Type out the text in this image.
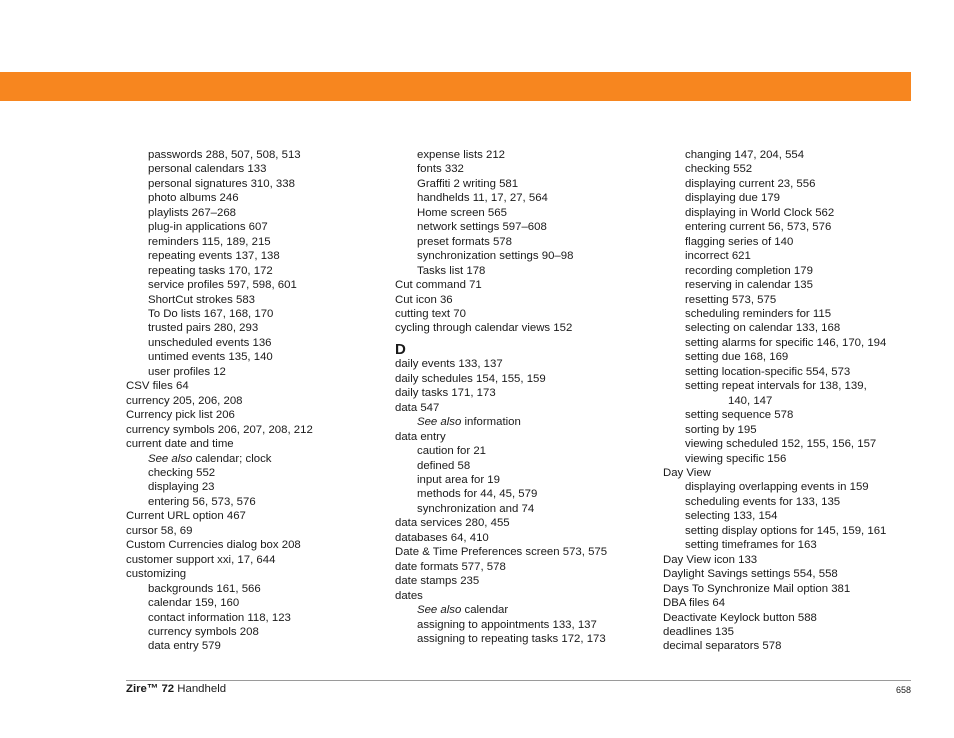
passwords 288, 507, 508, 513
personal calendars 133
personal signatures 310, 338
photo albums 246
playlists 267–268
plug-in applications 607
reminders 115, 189, 215
repeating events 137, 138
repeating tasks 170, 172
service profiles 597, 598, 601
ShortCut strokes 583
To Do lists 167, 168, 170
trusted pairs 280, 293
unscheduled events 136
untimed events 135, 140
user profiles 12
CSV files 64
currency 205, 206, 208
Currency pick list 206
currency symbols 206, 207, 208, 212
current date and time
See also calendar; clock
checking 552
displaying 23
entering 56, 573, 576
Current URL option 467
cursor 58, 69
Custom Currencies dialog box 208
customer support xxi, 17, 644
customizing
backgrounds 161, 566
calendar 159, 160
contact information 118, 123
currency symbols 208
data entry 579
expense lists 212
fonts 332
Graffiti 2 writing 581
handhelds 11, 17, 27, 564
Home screen 565
network settings 597–608
preset formats 578
synchronization settings 90–98
Tasks list 178
Cut command 71
Cut icon 36
cutting text 70
cycling through calendar views 152
D
daily events 133, 137
daily schedules 154, 155, 159
daily tasks 171, 173
data 547
See also information
data entry
caution for 21
defined 58
input area for 19
methods for 44, 45, 579
synchronization and 74
data services 280, 455
databases 64, 410
Date & Time Preferences screen 573, 575
date formats 577, 578
date stamps 235
dates
See also calendar
assigning to appointments 133, 137
assigning to repeating tasks 172, 173
changing 147, 204, 554
checking 552
displaying current 23, 556
displaying due 179
displaying in World Clock 562
entering current 56, 573, 576
flagging series of 140
incorrect 621
recording completion 179
reserving in calendar 135
resetting 573, 575
scheduling reminders for 115
selecting on calendar 133, 168
setting alarms for specific 146, 170, 194
setting due 168, 169
setting location-specific 554, 573
setting repeat intervals for 138, 139,
140, 147
setting sequence 578
sorting by 195
viewing scheduled 152, 155, 156, 157
viewing specific 156
Day View
displaying overlapping events in 159
scheduling events for 133, 135
selecting 133, 154
setting display options for 145, 159, 161
setting timeframes for 163
Day View icon 133
Daylight Savings settings 554, 558
Days To Synchronize Mail option 381
DBA files 64
Deactivate Keylock button 588
deadlines 135
decimal separators 578
Zire™ 72 Handheld	658
